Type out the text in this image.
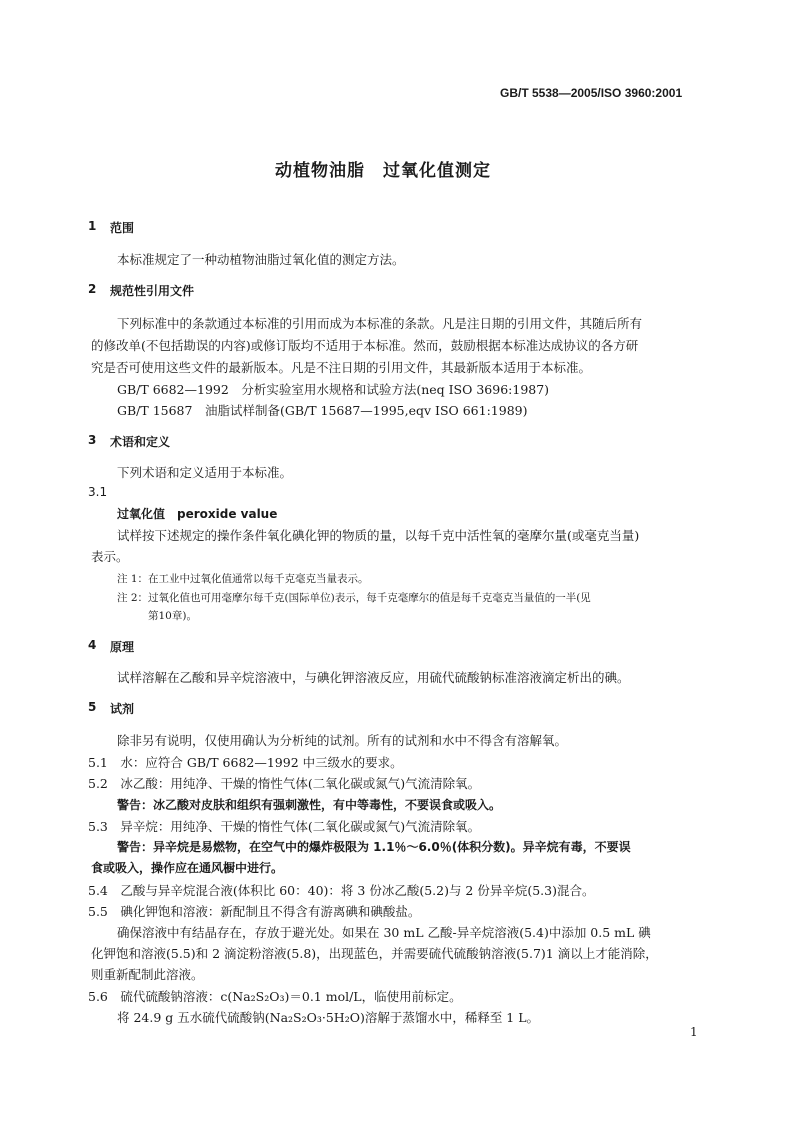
GB/T 5538—2005/ISO 3960:2001
动植物油脂　过氧化值测定
1 范围
本标准规定了一种动植物油脂过氧化值的测定方法。
2 规范性引用文件
下列标准中的条款通过本标准的引用而成为本标准的条款。凡是注日期的引用文件，其随后所有
的修改单(不包括勘误的内容)或修订版均不适用于本标准。然而，鼓励根据本标准达成协议的各方研
究是否可使用这些文件的最新版本。凡是不注日期的引用文件，其最新版本适用于本标准。
GB/T 6682—1992　分析实验室用水规格和试验方法(neq ISO 3696:1987)
GB/T 15687　油脂试样制备(GB/T 15687—1995,eqv ISO 661:1989)
3 术语和定义
下列术语和定义适用于本标准。
3.1
过氧化值　peroxide value
试样按下述规定的操作条件氧化碘化钾的物质的量，以每千克中活性氧的毫摩尔量(或毫克当量)
表示。
注 1：在工业中过氧化值通常以每千克毫克当量表示。
注 2：过氧化值也可用毫摩尔每千克(国际单位)表示，每千克毫摩尔的值是每千克毫克当量值的一半(见
第10章)。
4 原理
试样溶解在乙酸和异辛烷溶液中，与碘化钾溶液反应，用硫代硫酸钠标准溶液滴定析出的碘。
5 试剂
除非另有说明，仅使用确认为分析纯的试剂。所有的试剂和水中不得含有溶解氧。
5.1　水：应符合 GB/T 6682—1992 中三级水的要求。
5.2　冰乙酸：用纯净、干燥的惰性气体(二氧化碳或氮气)气流清除氧。
警告：冰乙酸对皮肤和组织有强刺激性，有中等毒性，不要误食或吸入。
5.3　异辛烷：用纯净、干燥的惰性气体(二氧化碳或氮气)气流清除氧。
警告：异辛烷是易燃物，在空气中的爆炸极限为 1.1％～6.0％(体积分数)。异辛烷有毒，不要误
食或吸入，操作应在通风橱中进行。
5.4　乙酸与异辛烷混合液(体积比 60：40)：将 3 份冰乙酸(5.2)与 2 份异辛烷(5.3)混合。
5.5　碘化钾饱和溶液：新配制且不得含有游离碘和碘酸盐。
确保溶液中有结晶存在，存放于避光处。如果在 30 mL 乙酸-异辛烷溶液(5.4)中添加 0.5 mL 碘
化钾饱和溶液(5.5)和 2 滴淀粉溶液(5.8)，出现蓝色，并需要硫代硫酸钠溶液(5.7)1 滴以上才能消除，
则重新配制此溶液。
5.6　硫代硫酸钠溶液：c(Na₂S₂O₃)＝0.1 mol/L，临使用前标定。
将 24.9 g 五水硫代硫酸钠(Na₂S₂O₃·5H₂O)溶解于蒸馏水中，稀释至 1 L。
1
